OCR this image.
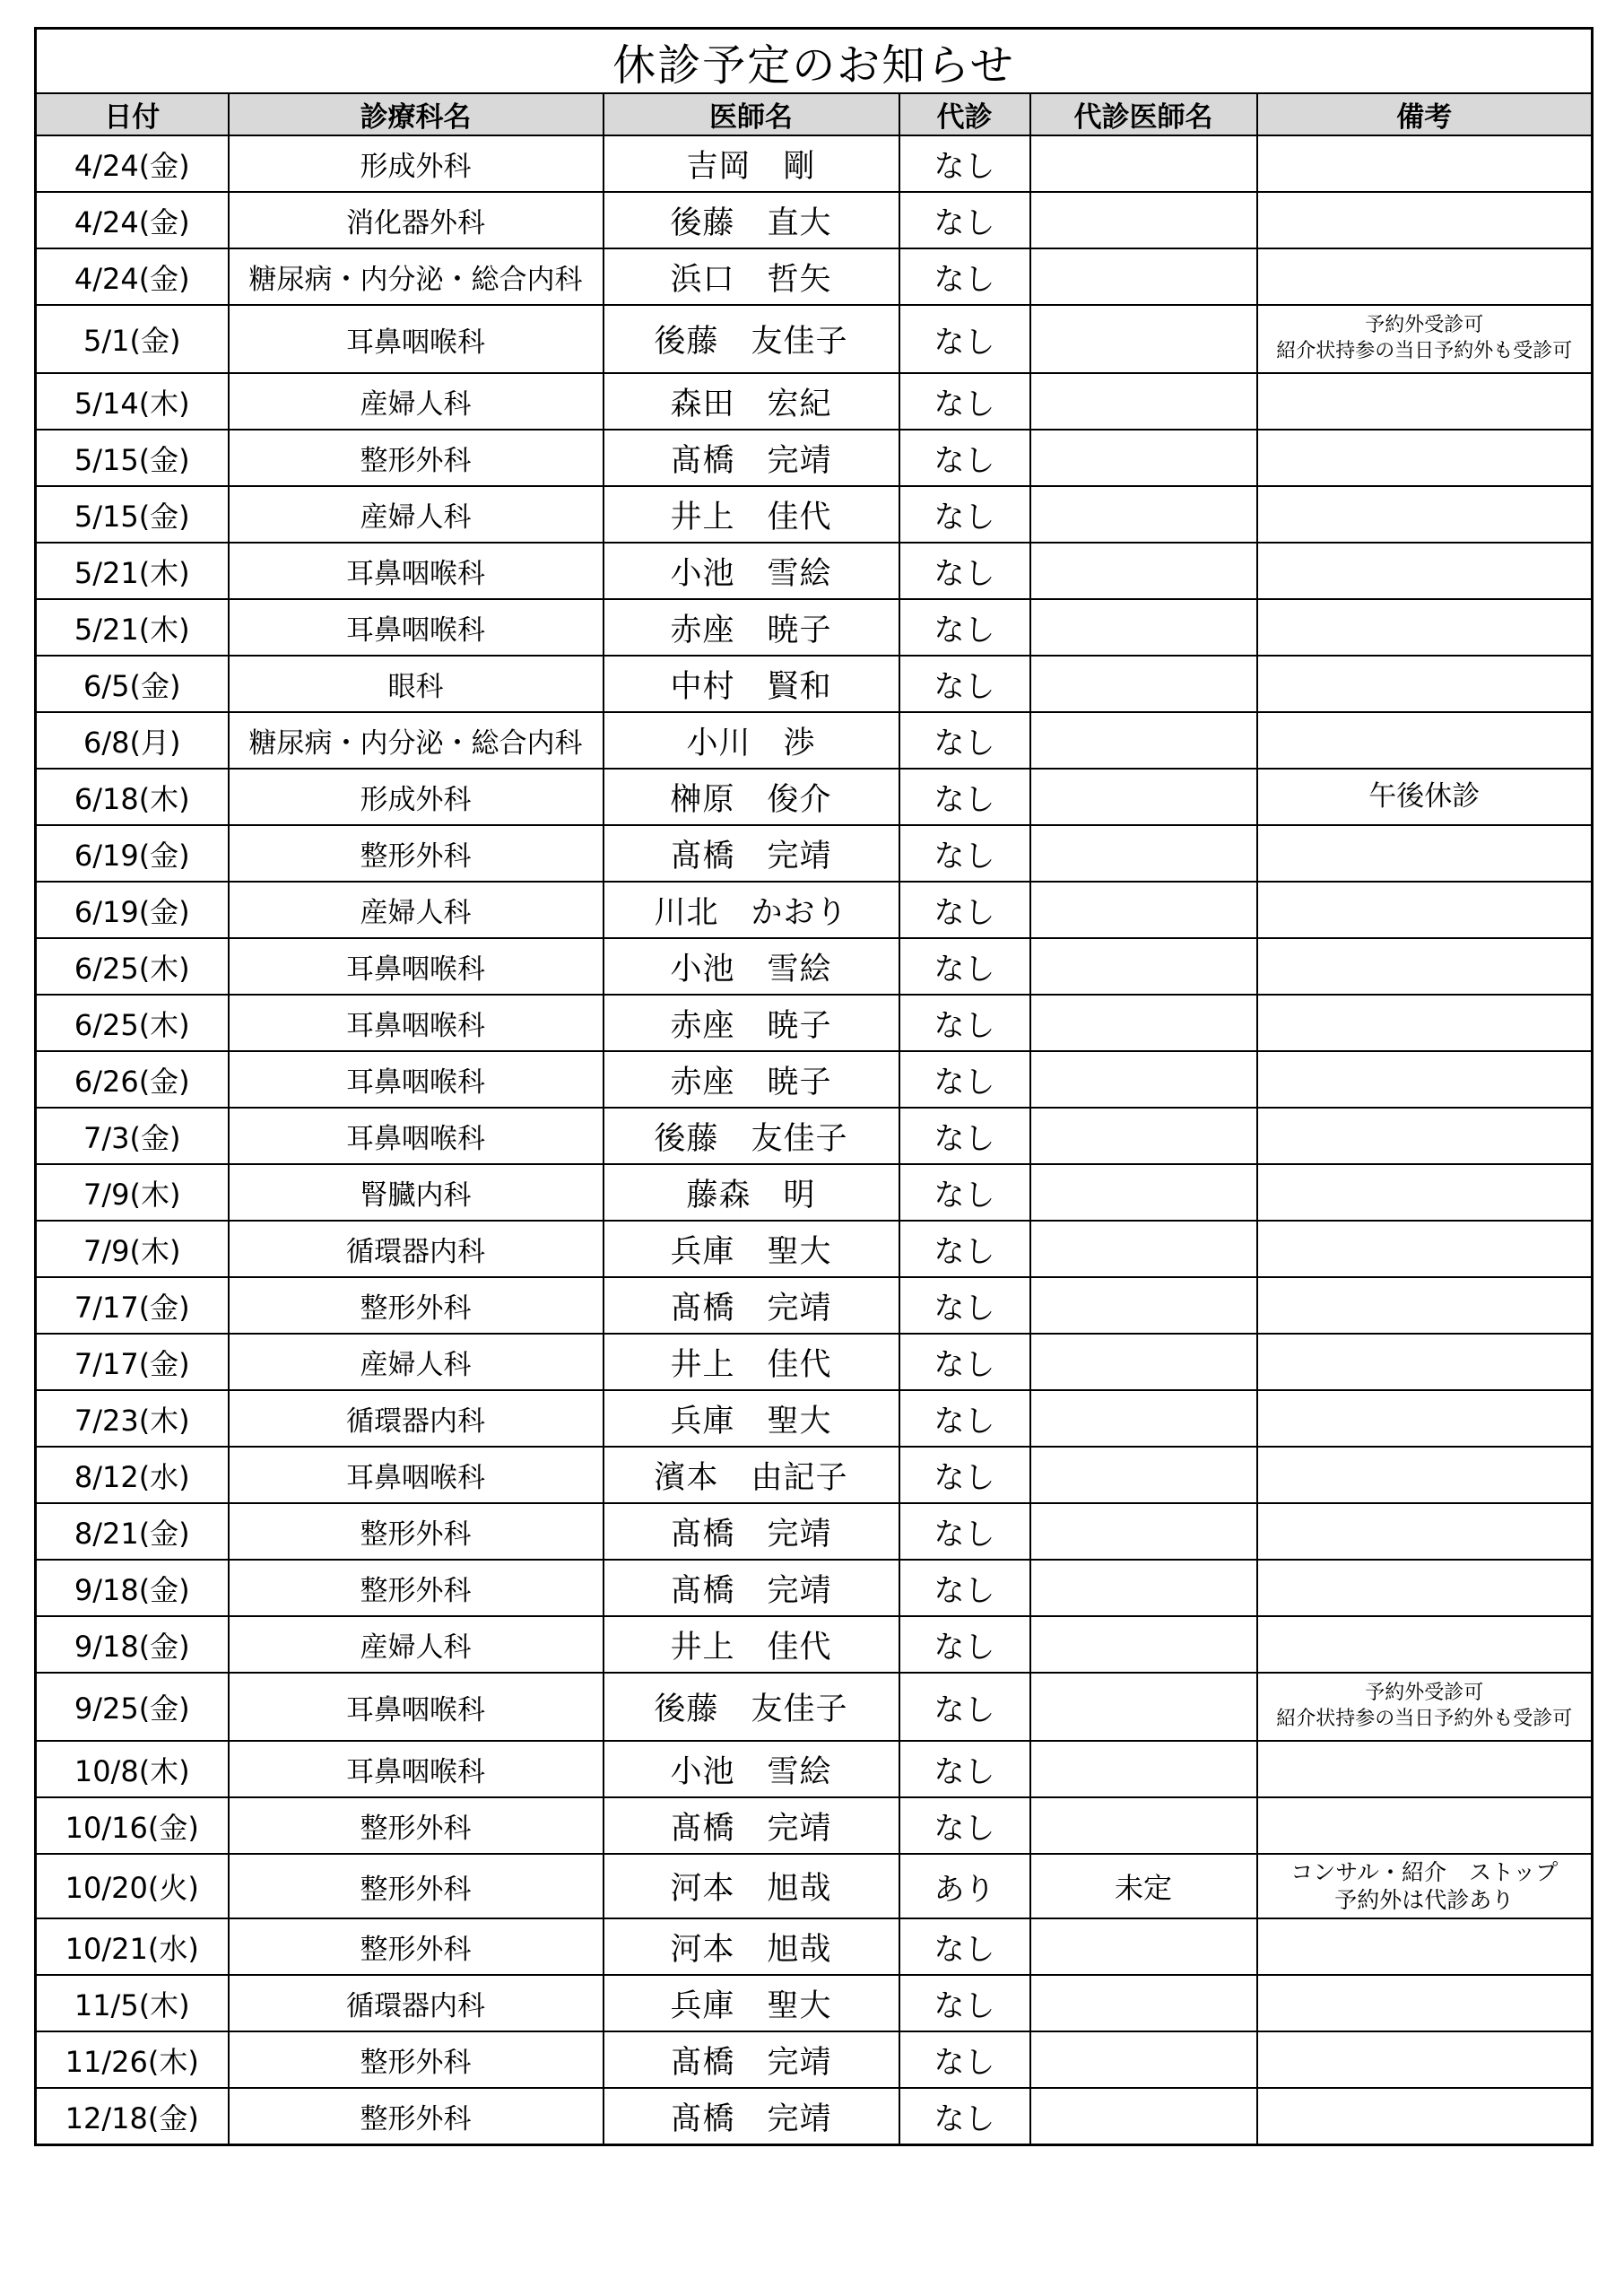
休診予定のお知らせ					
日付	診療科名	医師名	代診	代診医師名	備考
4/24(金)	形成外科	吉岡　剛	なし		
4/24(金)	消化器外科	後藤　直大	なし		
4/24(金)	糖尿病・内分泌・総合内科	浜口　哲矢	なし		
5/1(金)	耳鼻咽喉科	後藤　友佳子	なし		予約外受診可
紹介状持参の当日予約外も受診可

5/14(木)	産婦人科	森田　宏紀	なし		
5/15(金)	整形外科	髙橋　完靖	なし		
5/15(金)	産婦人科	井上　佳代	なし		
5/21(木)	耳鼻咽喉科	小池　雪絵	なし		
5/21(木)	耳鼻咽喉科	赤座　暁子	なし		
6/5(金)	眼科	中村　賢和	なし		
6/8(月)	糖尿病・内分泌・総合内科	小川　渉	なし		
6/18(木)	形成外科	榊原　俊介	なし		午後休診

6/19(金)	整形外科	髙橋　完靖	なし		
6/19(金)	産婦人科	川北　かおり	なし		
6/25(木)	耳鼻咽喉科	小池　雪絵	なし		
6/25(木)	耳鼻咽喉科	赤座　暁子	なし		
6/26(金)	耳鼻咽喉科	赤座　暁子	なし		
7/3(金)	耳鼻咽喉科	後藤　友佳子	なし		
7/9(木)	腎臓内科	藤森　明	なし		
7/9(木)	循環器内科	兵庫　聖大	なし		
7/17(金)	整形外科	髙橋　完靖	なし		
7/17(金)	産婦人科	井上　佳代	なし		
7/23(木)	循環器内科	兵庫　聖大	なし		
8/12(水)	耳鼻咽喉科	濱本　由記子	なし		
8/21(金)	整形外科	髙橋　完靖	なし		
9/18(金)	整形外科	髙橋　完靖	なし		
9/18(金)	産婦人科	井上　佳代	なし		
9/25(金)	耳鼻咽喉科	後藤　友佳子	なし		予約外受診可
紹介状持参の当日予約外も受診可

10/8(木)	耳鼻咽喉科	小池　雪絵	なし		
10/16(金)	整形外科	髙橋　完靖	なし		
10/20(火)	整形外科	河本　旭哉	あり	未定	コンサル・紹介　ストップ
予約外は代診あり

10/21(水)	整形外科	河本　旭哉	なし		
11/5(木)	循環器内科	兵庫　聖大	なし		
11/26(木)	整形外科	髙橋　完靖	なし		
12/18(金)	整形外科	髙橋　完靖	なし		
